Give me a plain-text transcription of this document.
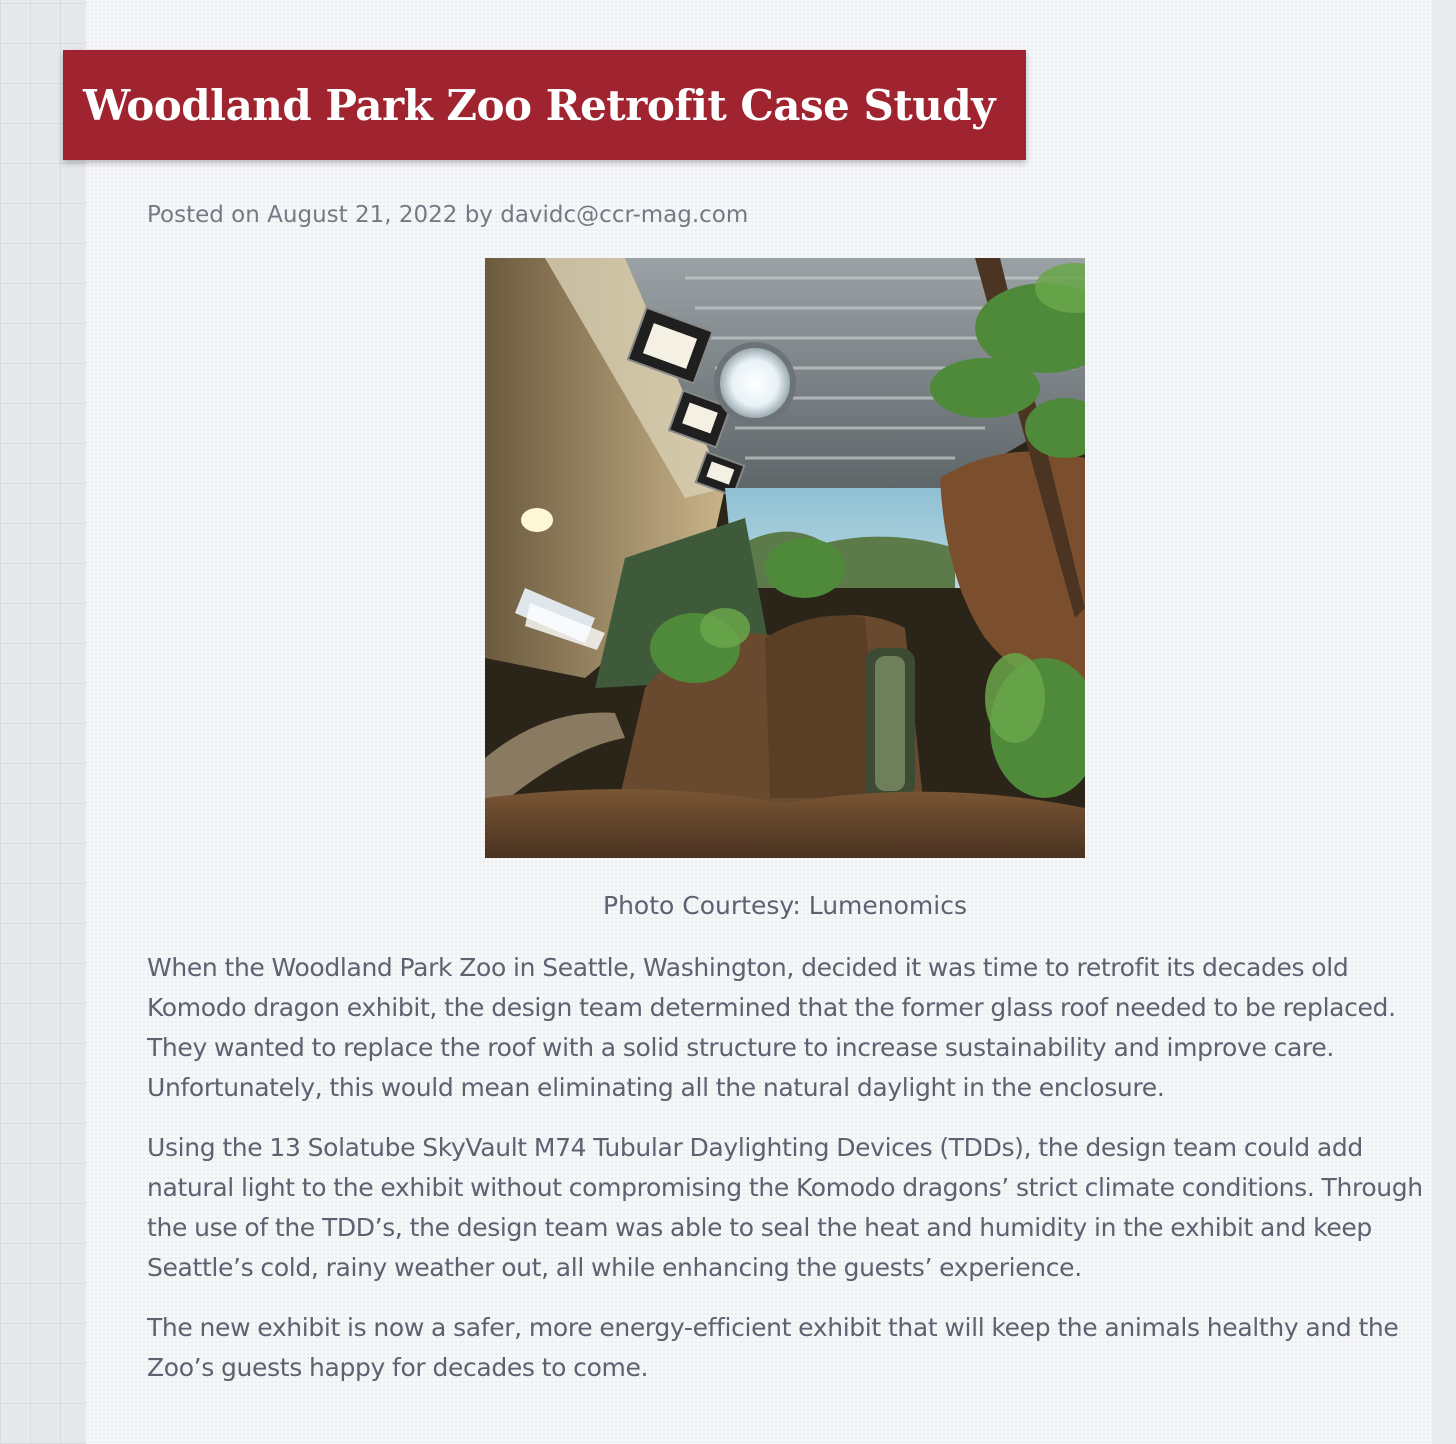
Woodland Park Zoo Retrofit Case Study
Posted on August 21, 2022 by davidc@ccr-mag.com
Photo Courtesy: Lumenomics

When the Woodland Park Zoo in Seattle, Washington, decided it was time to retrofit its decades old Komodo dragon exhibit, the design team determined that the former glass roof needed to be replaced. They wanted to replace the roof with a solid structure to increase sustainability and improve care. Unfortunately, this would mean eliminating all the natural daylight in the enclosure.

Using the 13 Solatube SkyVault M74 Tubular Daylighting Devices (TDDs), the design team could add natural light to the exhibit without compromising the Komodo dragons’ strict climate conditions. Through the use of the TDD’s, the design team was able to seal the heat and humidity in the exhibit and keep Seattle’s cold, rainy weather out, all while enhancing the guests’ experience.

The new exhibit is now a safer, more energy-efficient exhibit that will keep the animals healthy and the Zoo’s guests happy for decades to come.
